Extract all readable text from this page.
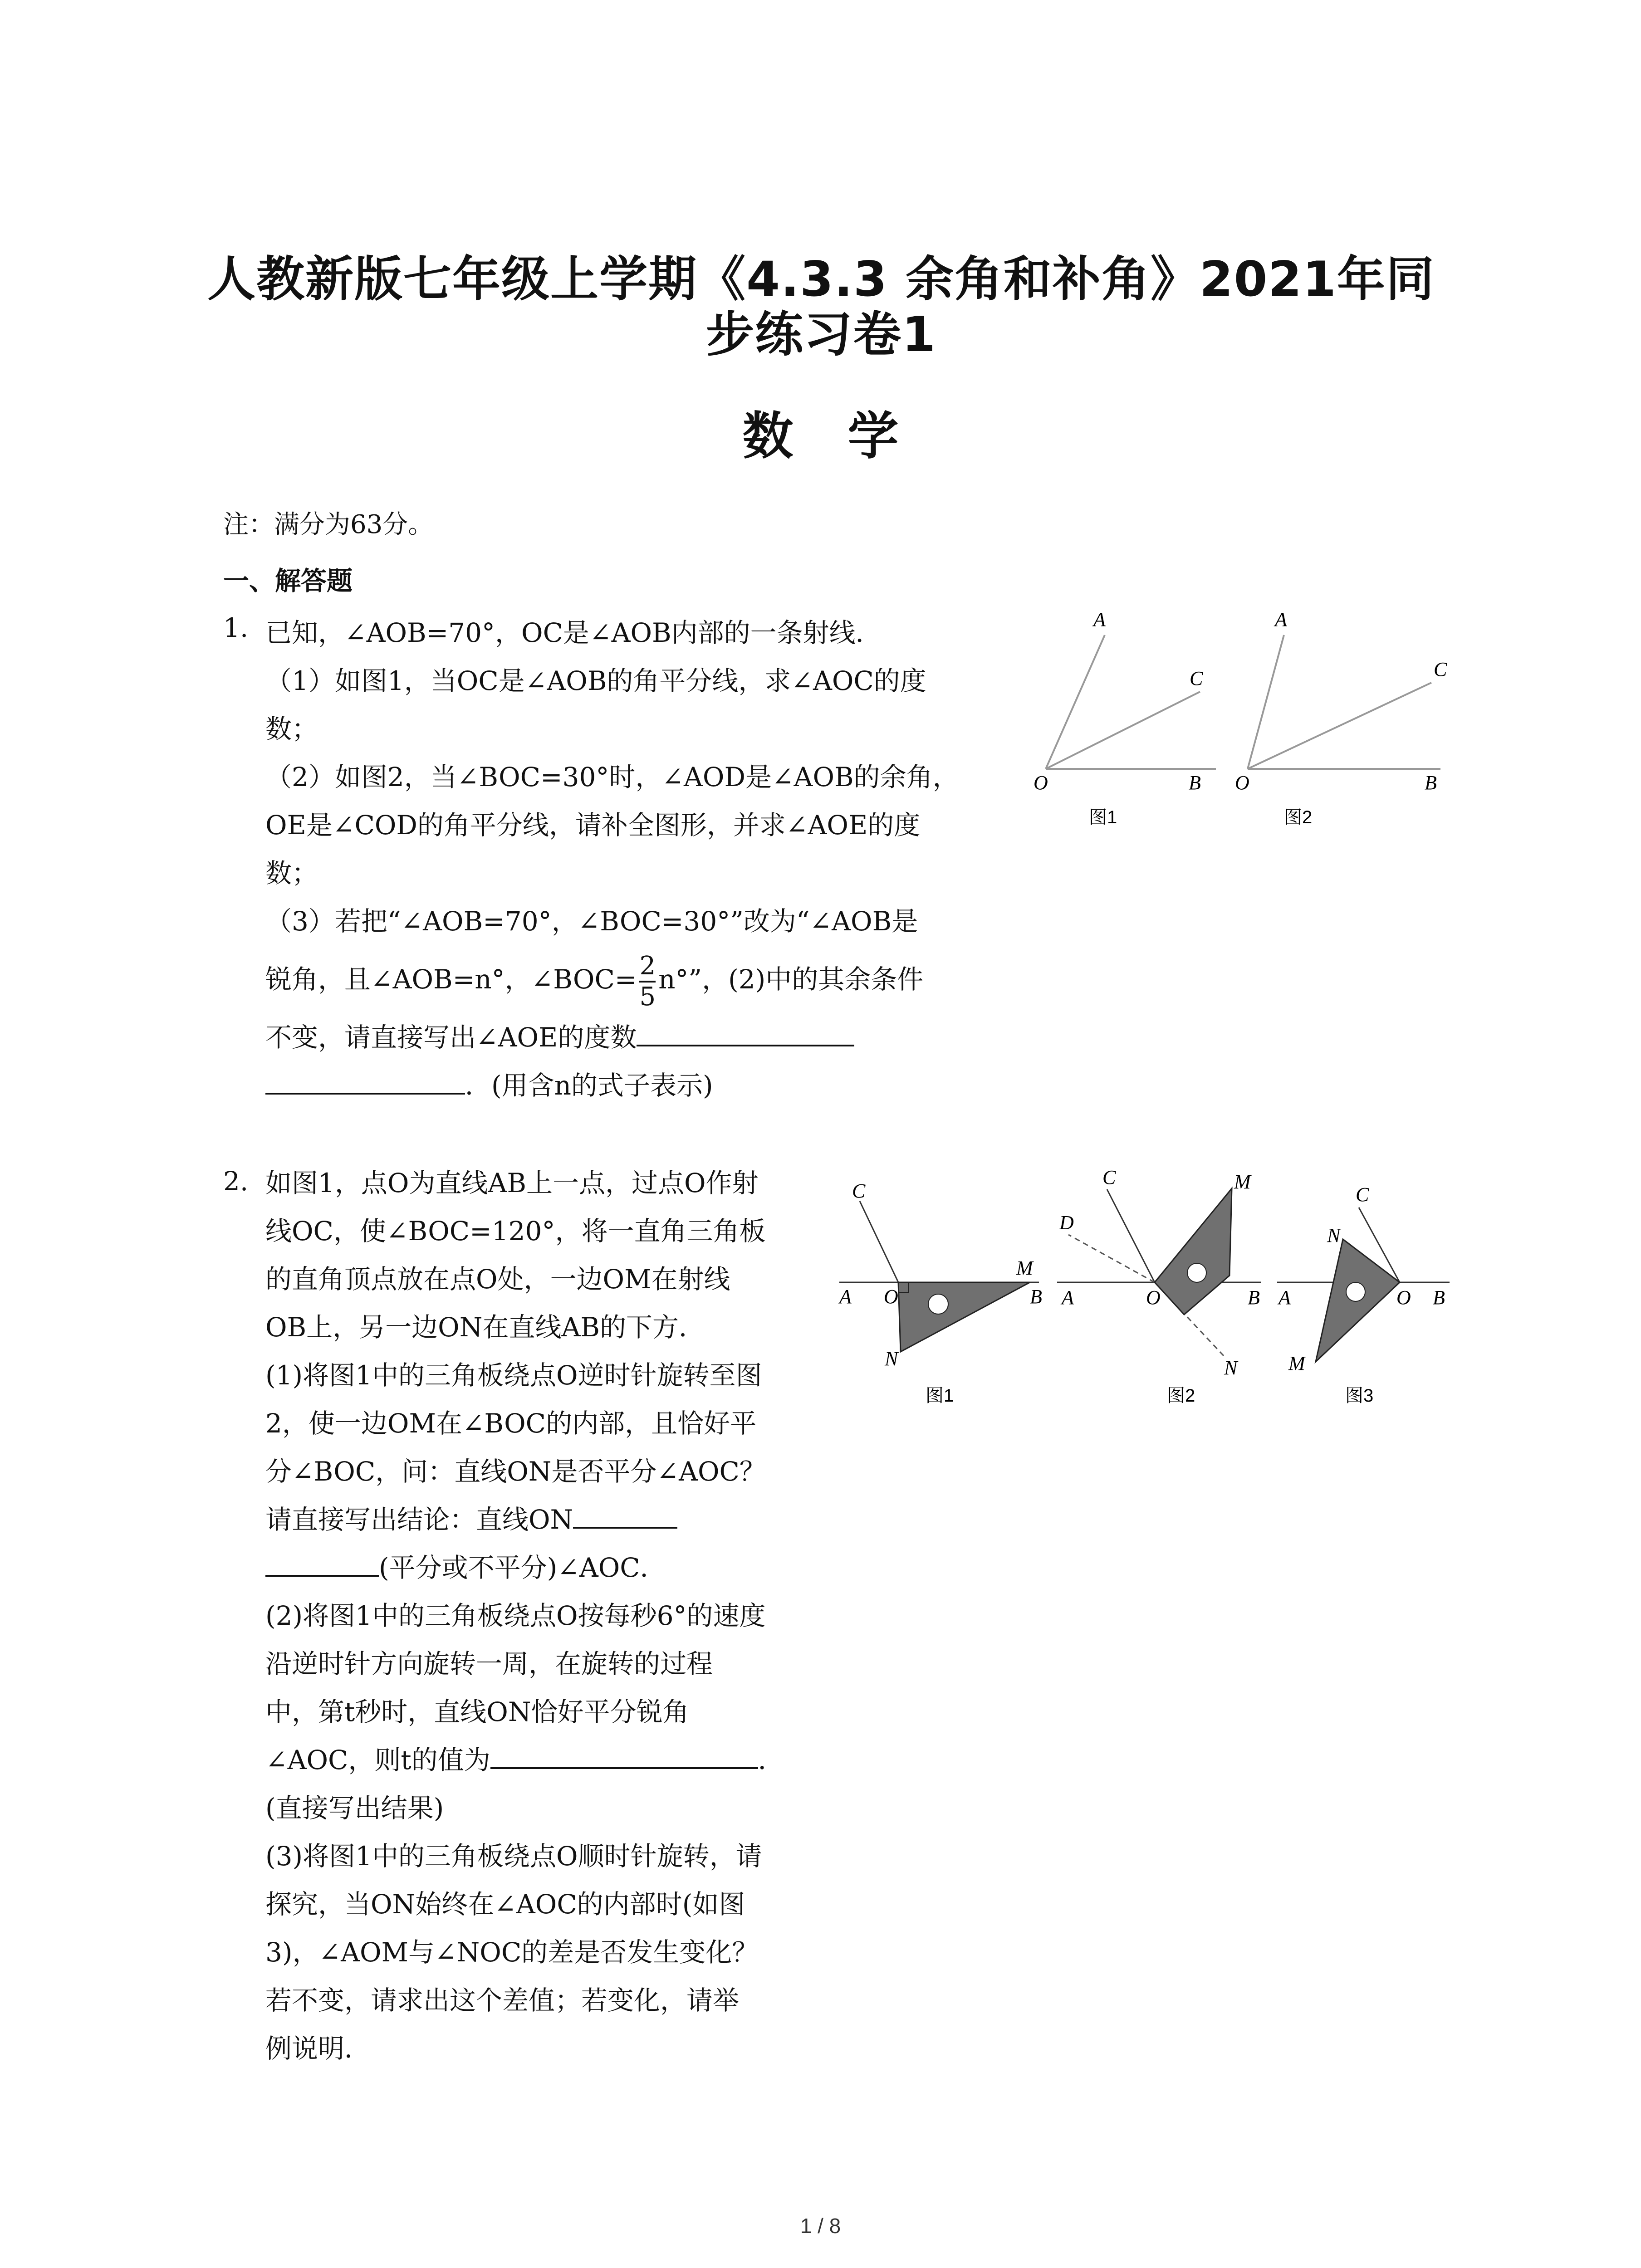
人教新版七年级上学期《4.3.3 余角和补角》2021年同
步练习卷1
数学
注：满分为63分。
一、解答题
1. 已知，∠AOB=70°，OC是∠AOB内部的一条射线．
（1）如图1，当OC是∠AOB的角平分线，求∠AOC的度
数；
（2）如图2，当∠BOC=30°时，∠AOD是∠AOB的余角，
OE是∠COD的角平分线，请补全图形，并求∠AOE的度
数；
（3）若把“∠AOB=70°，∠BOC=30°”改为“∠AOB是
锐角，且∠AOB=n°，∠BOC= $\frac{2}{5} n^\circ$”，(2)中的其余条件
不变，请直接写出∠AOE的度数
．(用含n的式子表示)
A
C
O	B
图1
A
C
O	B
图2
2. 如图1，点O为直线AB上一点，过点O作射
线OC，使∠BOC=120°，将一直角三角板
的直角顶点放在点O处，一边OM在射线
OB上，另一边ON在直线AB的下方．
(1)将图1中的三角板绕点O逆时针旋转至图
2，使一边OM在∠BOC的内部，且恰好平
分∠BOC，问：直线ON是否平分∠AOC？
请直接写出结论：直线ON
(平分或不平分)∠AOC．
(2)将图1中的三角板绕点O按每秒6°的速度
沿逆时针方向旋转一周，在旋转的过程
中，第t秒时，直线ON恰好平分锐角
∠AOC，则t的值为	．
(直接写出结果)
(3)将图1中的三角板绕点O顺时针旋转，请
探究，当ON始终在∠AOC的内部时(如图
3)，∠AOM与∠NOC的差是否发生变化？
若不变，请求出这个差值；若变化，请举
例说明．
C
M
A O	B
N
图1
C	M
D
A	O	B
N
图2
C
N
A	O B
M
图3
1 / 8
